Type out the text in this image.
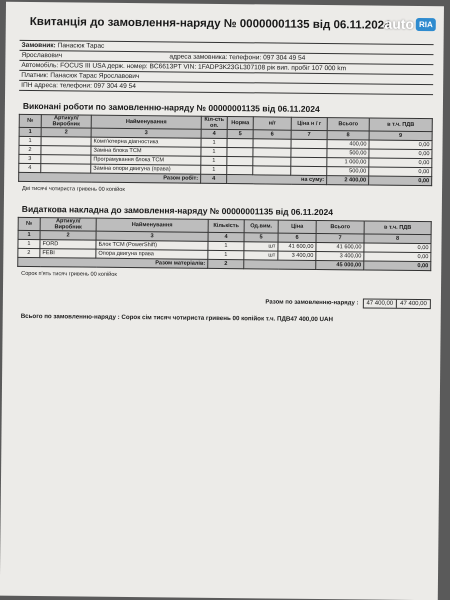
auto RIA
Квитанція до замовлення-наряду № 00000001135 від 06.11.2024
Замовник: Панасюк Тарас
Ярославович	адреса замовника: телефони: 097 304 49 54
Автомобіль: FOCUS III USA держ. номер: BC6613PT VIN: 1FADP3K23GL307108 рік вип. пробіг 107 000 km
Платник: Панасюк Тарас Ярославович
ІПН адреса: телефони: 097 304 49 54
Виконані роботи по замовленню-наряду № 00000001135 від 06.11.2024
№	Артикул/Виробник	Найменування	Кіл-сть оп.	Норма	н/г	Ціна н / г	Всього	в т.ч. ПДВ
1	2	3	4	5	6	7	8	9
1		Комп'ютерна діагностика	1				400,00	0,00
2		Заміна блока TCM	1				500,00	0,00
3		Програмування блока TCM	1				1 000,00	0,00
4		Заміна опори двигуна (права)	1				500,00	0,00
Разом робіт:			4	на суму:			2 400,00	0,00
Дві тисячі чотириста гривень 00 копійок
Видаткова накладна до замовлення-наряду № 00000001135 від 06.11.2024
№	Артикул/Виробник	Найменування	Кількість	Од.вим.	Ціна	Всього	в т.ч. ПДВ
1	2	3	4	5	6	7	8
1	FORD	Блок TCM (PowerShift)	1	шт	41 600,00	41 600,00	0,00
2	FEBI	Опора двигуна права	1	шт	3 400,00	3 400,00	0,00
Разом матеріалів:			2			45 000,00	0,00
Сорок п'ять тисяч гривень 00 копійок
Разом по замовленню-наряду :	47 400,00	47 400,00
Всього по замовленню-наряду : Сорок сім тисяч чотириста гривень 00 копійок т.ч. ПДВ47 400,00 UAH
